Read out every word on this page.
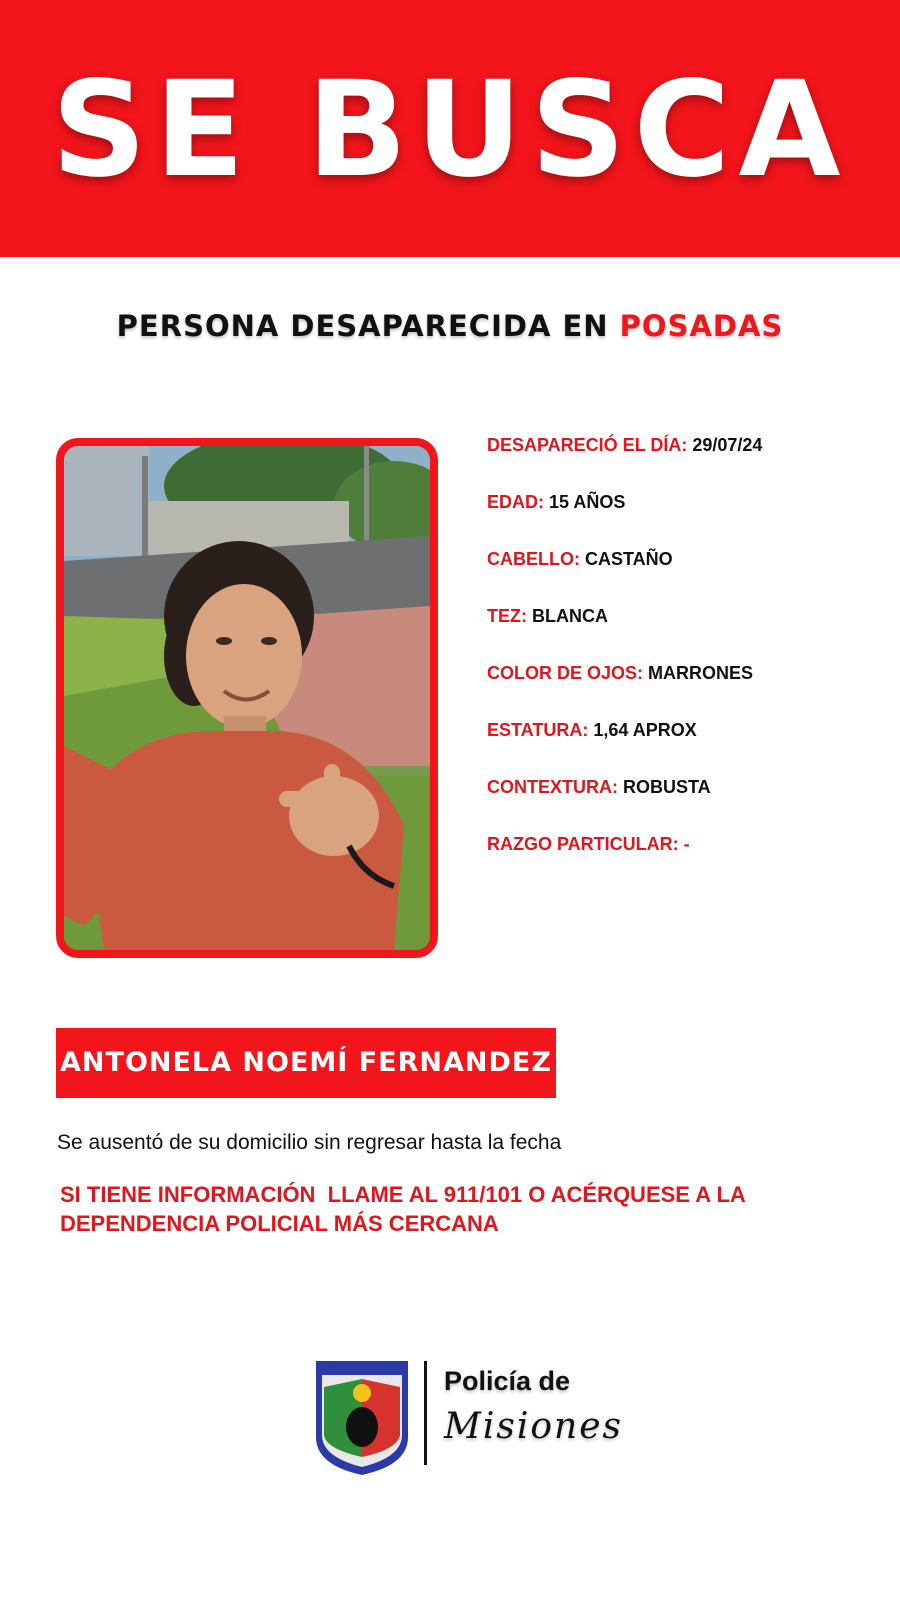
SE BUSCA
PERSONA DESAPARECIDA EN POSADAS
DESAPARECIÓ EL DÍA: 29/07/24
EDAD: 15 AÑOS
CABELLO: CASTAÑO
TEZ: BLANCA
COLOR DE OJOS: MARRONES
ESTATURA: 1,64 APROX
CONTEXTURA: ROBUSTA
RAZGO PARTICULAR: -
ANTONELA NOEMÍ FERNANDEZ
Se ausentó de su domicilio sin regresar hasta la fecha
SI TIENE INFORMACIÓN  LLAME AL 911/101 O ACÉRQUESE A LA
DEPENDENCIA POLICIAL MÁS CERCANA
Policía de
Misiones
